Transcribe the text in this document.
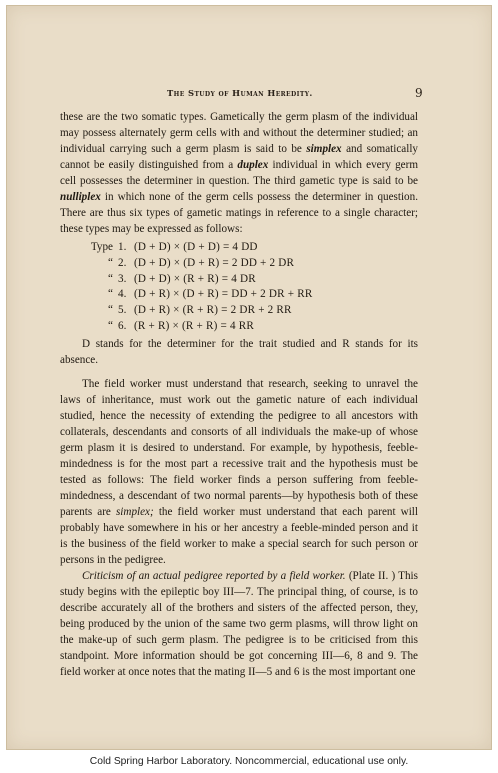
The Study of Human Heredity.	9

these are the two somatic types. Gametically the germ plasm of the individual may possess alternately germ cells with and without the determiner studied; an individual carrying such a germ plasm is said to be simplex and somatically cannot be easily distinguished from a duplex individual in which every germ cell possesses the determiner in question. The third gametic type is said to be nulliplex in which none of the germ cells possess the determiner in question. There are thus six types of gametic matings in reference to a single character; these types may be expressed as follows:

Type 1. (D + D) × (D + D) = 4 DD
“ 2. (D + D) × (D + R) = 2 DD + 2 DR
“ 3. (D + D) × (R + R) = 4 DR
“ 4. (D + R) × (D + R) = DD + 2 DR + RR
“ 5. (D + R) × (R + R) = 2 DR + 2 RR
“ 6. (R + R) × (R + R) = 4 RR

D stands for the determiner for the trait studied and R stands for its absence.

The field worker must understand that research, seeking to unravel the laws of inheritance, must work out the gametic nature of each individual studied, hence the necessity of extending the pedigree to all ancestors with collaterals, descendants and consorts of all individuals the make-up of whose germ plasm it is desired to understand. For example, by hypothesis, feeble-mindedness is for the most part a recessive trait and the hypothesis must be tested as follows: The field worker finds a person suffering from feeble-mindedness, a descendant of two normal parents—by hypothesis both of these parents are simplex; the field worker must understand that each parent will probably have somewhere in his or her ancestry a feeble-minded person and it is the business of the field worker to make a special search for such person or persons in the pedigree.

Criticism of an actual pedigree reported by a field worker. (Plate II. ) This study begins with the epileptic boy III—7. The principal thing, of course, is to describe accurately all of the brothers and sisters of the affected person, they, being produced by the union of the same two germ plasms, will throw light on the make-up of such germ plasm. The pedigree is to be criticised from this standpoint. More information should be got concerning III—6, 8 and 9. The field worker at once notes that the mating II—5 and 6 is the most important one

Cold Spring Harbor Laboratory. Noncommercial, educational use only.
